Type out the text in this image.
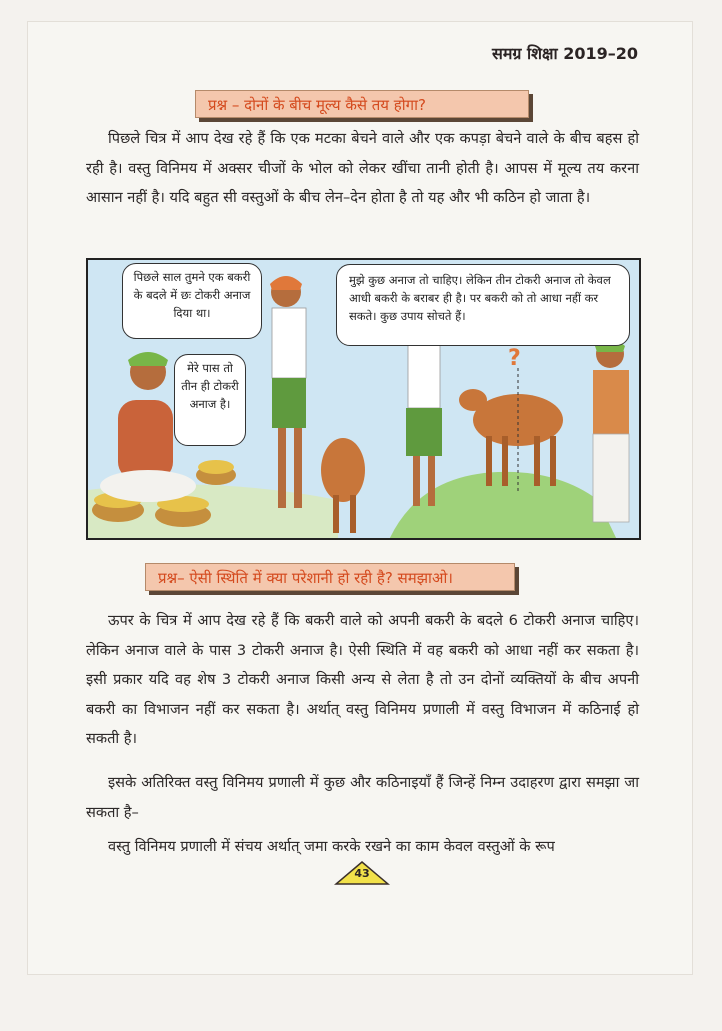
समग्र शिक्षा 2019–20
प्रश्न – दोनों के बीच मूल्य कैसे तय होगा?
पिछले चित्र में आप देख रहे हैं कि एक मटका बेचने वाले और एक कपड़ा बेचने वाले के बीच बहस हो रही है। वस्तु विनिमय में अक्सर चीजों के भोल को लेकर खींचा तानी होती है। आपस में मूल्य तय करना आसान नहीं है। यदि बहुत सी वस्तुओं के बीच लेन–देन होता है तो यह और भी कठिन हो जाता है।
पिछले साल तुमने एक बकरी के बदले में छः टोकरी अनाज दिया था।
मेरे पास तो तीन ही टोकरी अनाज है।
मुझे कुछ अनाज तो चाहिए। लेकिन तीन टोकरी अनाज तो केवल आधी बकरी के बराबर ही है। पर बकरी को तो आधा नहीं कर सकते। कुछ उपाय सोचते हैं।
?
प्रश्न– ऐसी स्थिति में क्या परेशानी हो रही है? समझाओ।
ऊपर के चित्र में आप देख रहे हैं कि बकरी वाले को अपनी बकरी के बदले 6 टोकरी अनाज चाहिए। लेकिन अनाज वाले के पास 3 टोकरी अनाज है। ऐसी स्थिति में वह बकरी को आधा नहीं कर सकता है। इसी प्रकार यदि वह शेष 3 टोकरी अनाज किसी अन्य से लेता है तो उन दोनों व्यक्तियों के बीच अपनी बकरी का विभाजन नहीं कर सकता है। अर्थात् वस्तु विनिमय प्रणाली में वस्तु विभाजन में कठिनाई हो सकती है।
इसके अतिरिक्त वस्तु विनिमय प्रणाली में कुछ और कठिनाइयाँ हैं जिन्हें निम्न उदाहरण द्वारा समझा जा सकता है–
वस्तु विनिमय प्रणाली में संचय अर्थात् जमा करके रखने का काम केवल वस्तुओं के रूप
43
